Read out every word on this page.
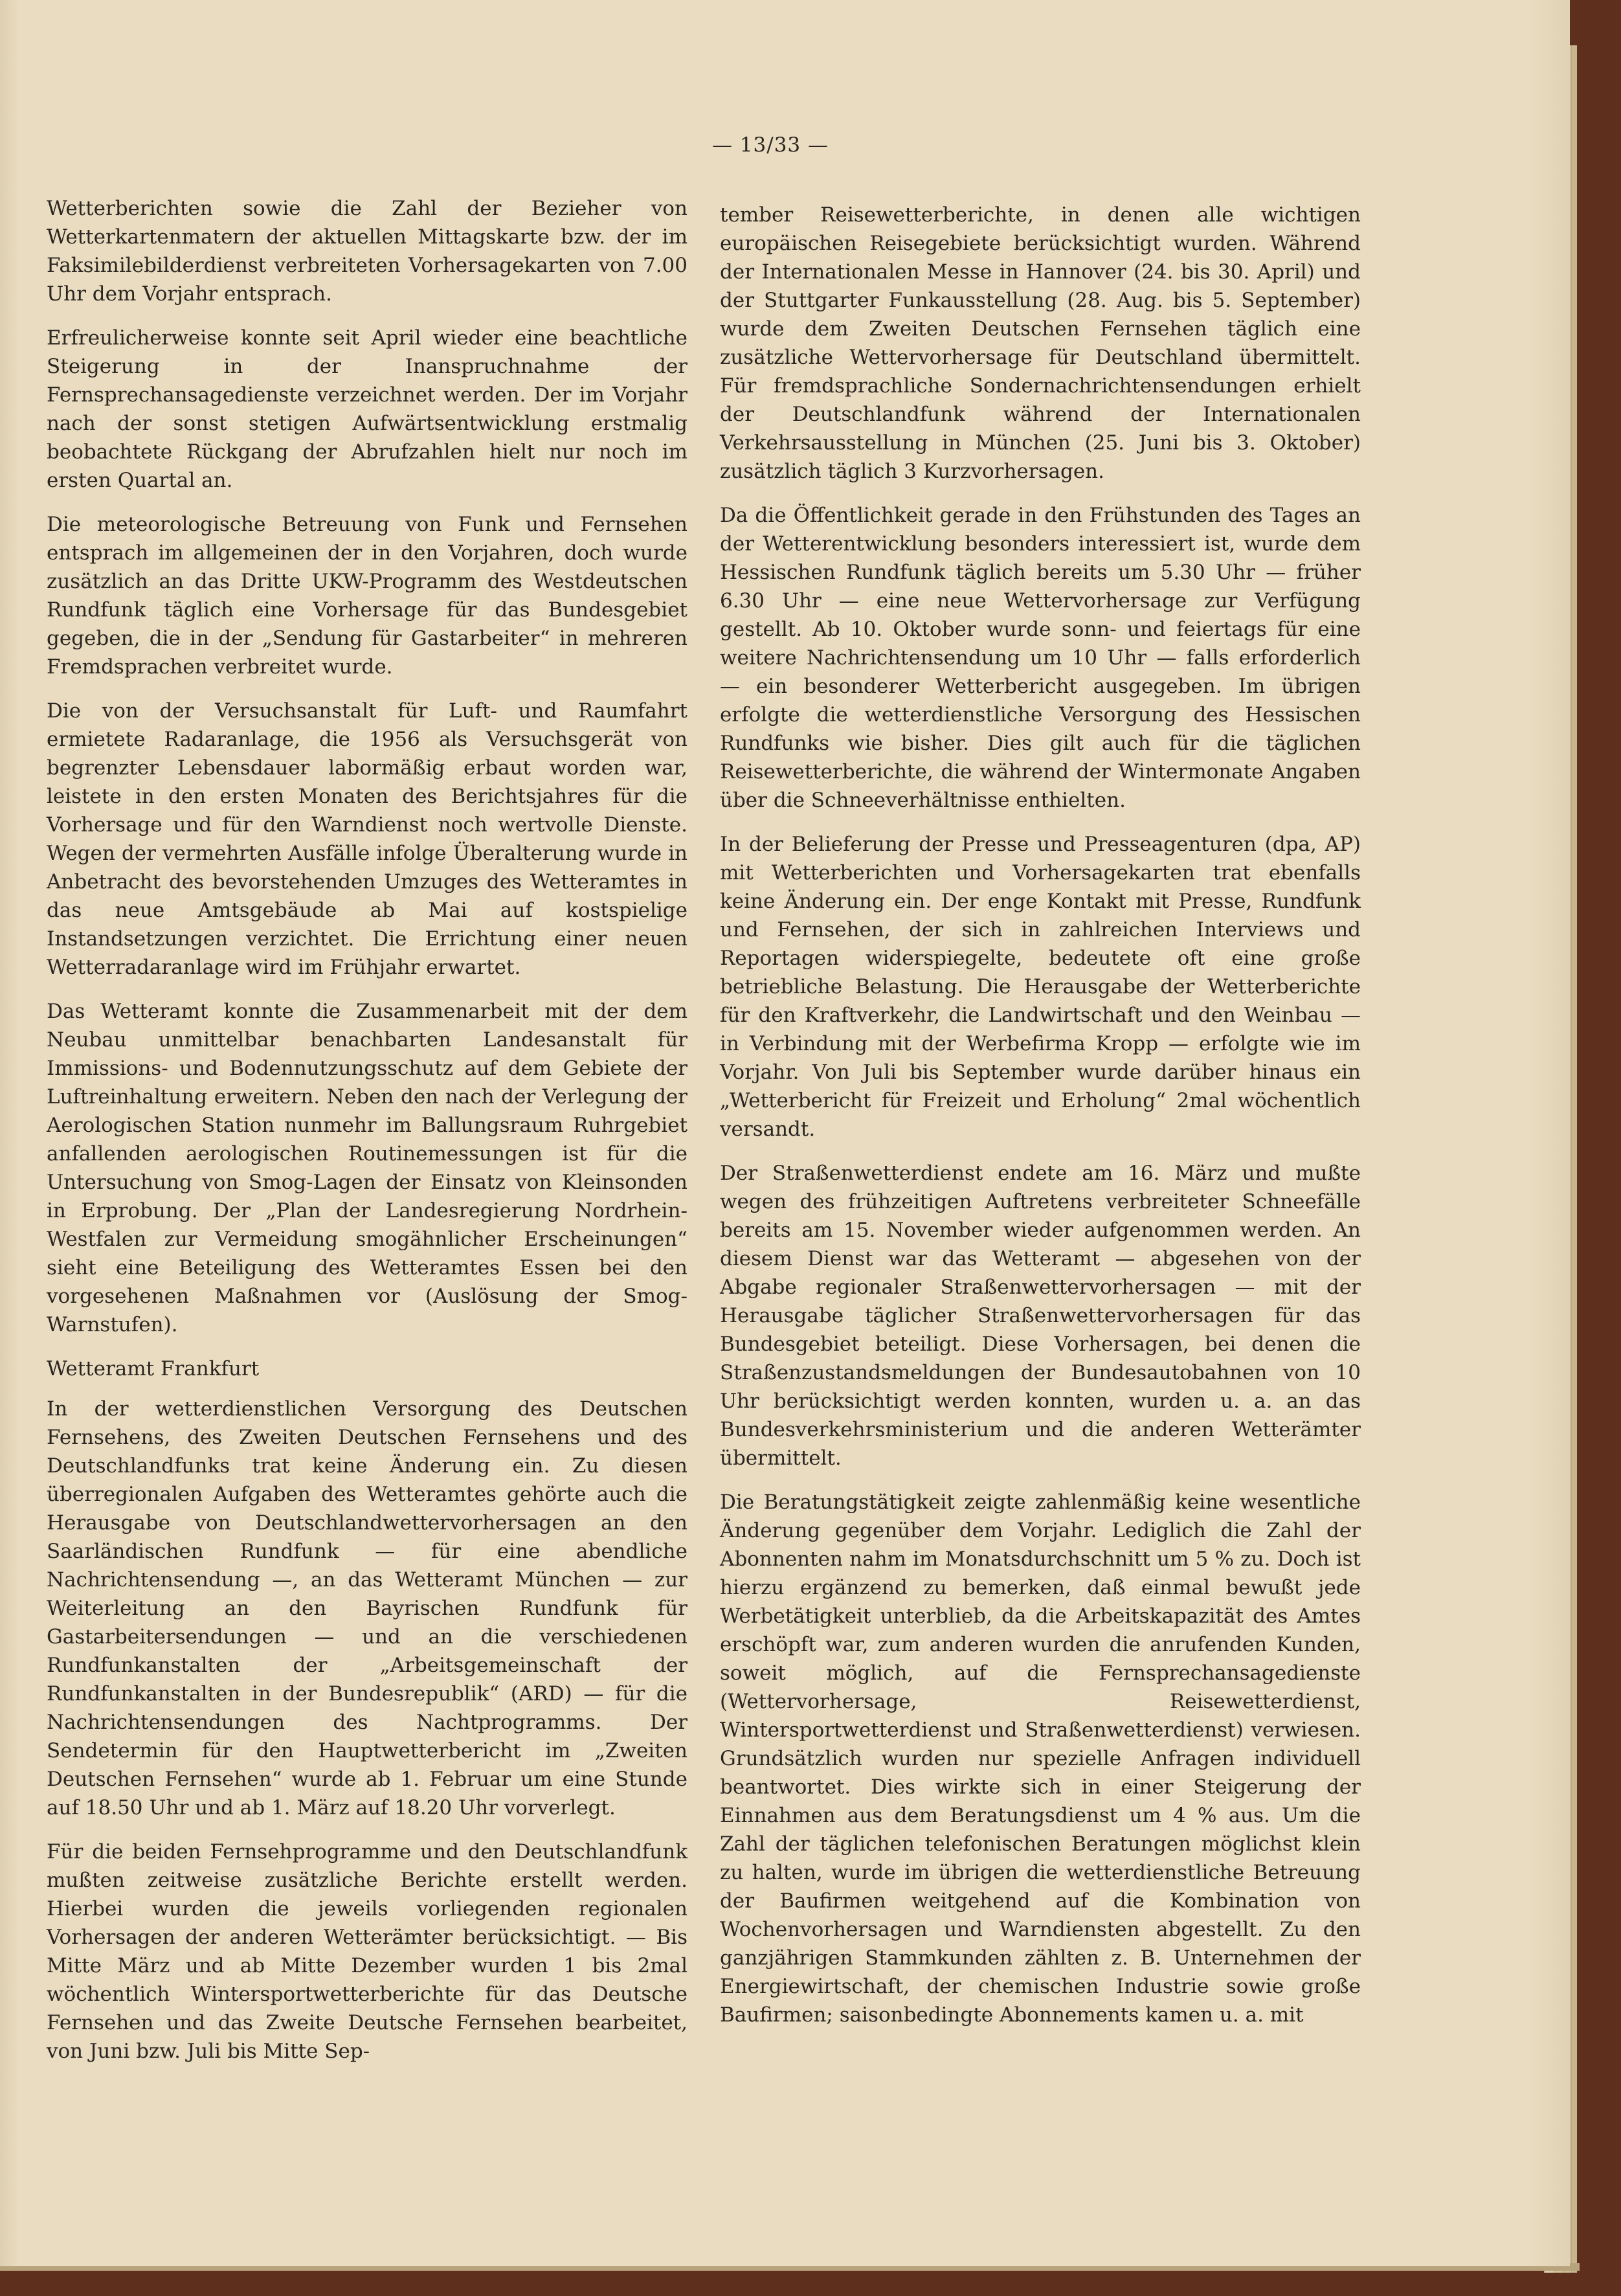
— 13/33 —

Wetterberichten sowie die Zahl der Bezieher von Wetterkartenmatern der aktuellen Mittagskarte bzw. der im Faksimilebilderdienst verbreiteten Vorhersagekarten von 7.00 Uhr dem Vorjahr entsprach.

Erfreulicherweise konnte seit April wieder eine beachtliche Steigerung in der Inanspruchnahme der Fernsprechansagedienste verzeichnet werden. Der im Vorjahr nach der sonst stetigen Aufwärtsentwicklung erstmalig beobachtete Rückgang der Abrufzahlen hielt nur noch im ersten Quartal an.

Die meteorologische Betreuung von Funk und Fernsehen entsprach im allgemeinen der in den Vorjahren, doch wurde zusätzlich an das Dritte UKW-Programm des Westdeutschen Rundfunk täglich eine Vorhersage für das Bundesgebiet gegeben, die in der „Sendung für Gastarbeiter“ in mehreren Fremdsprachen verbreitet wurde.

Die von der Versuchsanstalt für Luft- und Raumfahrt ermietete Radaranlage, die 1956 als Versuchsgerät von begrenzter Lebensdauer labormäßig erbaut worden war, leistete in den ersten Monaten des Berichtsjahres für die Vorhersage und für den Warndienst noch wertvolle Dienste. Wegen der vermehrten Ausfälle infolge Überalterung wurde in Anbetracht des bevorstehenden Umzuges des Wetteramtes in das neue Amtsgebäude ab Mai auf kostspielige Instandsetzungen verzichtet. Die Errichtung einer neuen Wetterradaranlage wird im Frühjahr erwartet.

Das Wetteramt konnte die Zusammenarbeit mit der dem Neubau unmittelbar benachbarten Landesanstalt für Immissions- und Bodennutzungsschutz auf dem Gebiete der Luftreinhaltung erweitern. Neben den nach der Verlegung der Aerologischen Station nunmehr im Ballungsraum Ruhrgebiet anfallenden aerologischen Routinemessungen ist für die Untersuchung von Smog-Lagen der Einsatz von Kleinsonden in Erprobung. Der „Plan der Landesregierung Nordrhein-Westfalen zur Vermeidung smogähnlicher Erscheinungen“ sieht eine Beteiligung des Wetteramtes Essen bei den vorgesehenen Maßnahmen vor (Auslösung der Smog-Warnstufen).

Wetteramt Frankfurt

In der wetterdienstlichen Versorgung des Deutschen Fernsehens, des Zweiten Deutschen Fernsehens und des Deutschlandfunks trat keine Änderung ein. Zu diesen überregionalen Aufgaben des Wetteramtes gehörte auch die Herausgabe von Deutschlandwettervorhersagen an den Saarländischen Rundfunk — für eine abendliche Nachrichtensendung —, an das Wetteramt München — zur Weiterleitung an den Bayrischen Rundfunk für Gastarbeitersendungen — und an die verschiedenen Rundfunkanstalten der „Arbeitsgemeinschaft der Rundfunkanstalten in der Bundesrepublik“ (ARD) — für die Nachrichtensendungen des Nachtprogramms. Der Sendetermin für den Hauptwetterbericht im „Zweiten Deutschen Fernsehen“ wurde ab 1. Februar um eine Stunde auf 18.50 Uhr und ab 1. März auf 18.20 Uhr vorverlegt.

Für die beiden Fernsehprogramme und den Deutschlandfunk mußten zeitweise zusätzliche Berichte erstellt werden. Hierbei wurden die jeweils vorliegenden regionalen Vorhersagen der anderen Wetterämter berücksichtigt. — Bis Mitte März und ab Mitte Dezember wurden 1 bis 2mal wöchentlich Wintersportwetterberichte für das Deutsche Fernsehen und das Zweite Deutsche Fernsehen bearbeitet, von Juni bzw. Juli bis Mitte Sep-

tember Reisewetterberichte, in denen alle wichtigen europäischen Reisegebiete berücksichtigt wurden. Während der Internationalen Messe in Hannover (24. bis 30. April) und der Stuttgarter Funkausstellung (28. Aug. bis 5. September) wurde dem Zweiten Deutschen Fernsehen täglich eine zusätzliche Wettervorhersage für Deutschland übermittelt. Für fremdsprachliche Sondernachrichtensendungen erhielt der Deutschlandfunk während der Internationalen Verkehrsausstellung in München (25. Juni bis 3. Oktober) zusätzlich täglich 3 Kurzvorhersagen.

Da die Öffentlichkeit gerade in den Frühstunden des Tages an der Wetterentwicklung besonders interessiert ist, wurde dem Hessischen Rundfunk täglich bereits um 5.30 Uhr — früher 6.30 Uhr — eine neue Wettervorhersage zur Verfügung gestellt. Ab 10. Oktober wurde sonn- und feiertags für eine weitere Nachrichtensendung um 10 Uhr — falls erforderlich — ein besonderer Wetterbericht ausgegeben. Im übrigen erfolgte die wetterdienstliche Versorgung des Hessischen Rundfunks wie bisher. Dies gilt auch für die täglichen Reisewetterberichte, die während der Wintermonate Angaben über die Schneeverhältnisse enthielten.

In der Belieferung der Presse und Presseagenturen (dpa, AP) mit Wetterberichten und Vorhersagekarten trat ebenfalls keine Änderung ein. Der enge Kontakt mit Presse, Rundfunk und Fernsehen, der sich in zahlreichen Interviews und Reportagen widerspiegelte, bedeutete oft eine große betriebliche Belastung. Die Herausgabe der Wetterberichte für den Kraftverkehr, die Landwirtschaft und den Weinbau — in Verbindung mit der Werbefirma Kropp — erfolgte wie im Vorjahr. Von Juli bis September wurde darüber hinaus ein „Wetterbericht für Freizeit und Erholung“ 2mal wöchentlich versandt.

Der Straßenwetterdienst endete am 16. März und mußte wegen des frühzeitigen Auftretens verbreiteter Schneefälle bereits am 15. November wieder aufgenommen werden. An diesem Dienst war das Wetteramt — abgesehen von der Abgabe regionaler Straßenwettervorhersagen — mit der Herausgabe täglicher Straßenwettervorhersagen für das Bundesgebiet beteiligt. Diese Vorhersagen, bei denen die Straßenzustandsmeldungen der Bundesautobahnen von 10 Uhr berücksichtigt werden konnten, wurden u. a. an das Bundesverkehrsministerium und die anderen Wetterämter übermittelt.

Die Beratungstätigkeit zeigte zahlenmäßig keine wesentliche Änderung gegenüber dem Vorjahr. Lediglich die Zahl der Abonnenten nahm im Monatsdurchschnitt um 5 % zu. Doch ist hierzu ergänzend zu bemerken, daß einmal bewußt jede Werbetätigkeit unterblieb, da die Arbeitskapazität des Amtes erschöpft war, zum anderen wurden die anrufenden Kunden, soweit möglich, auf die Fernsprechansagedienste (Wettervorhersage, Reisewetterdienst, Wintersportwetterdienst und Straßenwetterdienst) verwiesen. Grundsätzlich wurden nur spezielle Anfragen individuell beantwortet. Dies wirkte sich in einer Steigerung der Einnahmen aus dem Beratungsdienst um 4 % aus. Um die Zahl der täglichen telefonischen Beratungen möglichst klein zu halten, wurde im übrigen die wetterdienstliche Betreuung der Baufirmen weitgehend auf die Kombination von Wochenvorhersagen und Warndiensten abgestellt. Zu den ganzjährigen Stammkunden zählten z. B. Unternehmen der Energiewirtschaft, der chemischen Industrie sowie große Baufirmen; saisonbedingte Abonnements kamen u. a. mit
